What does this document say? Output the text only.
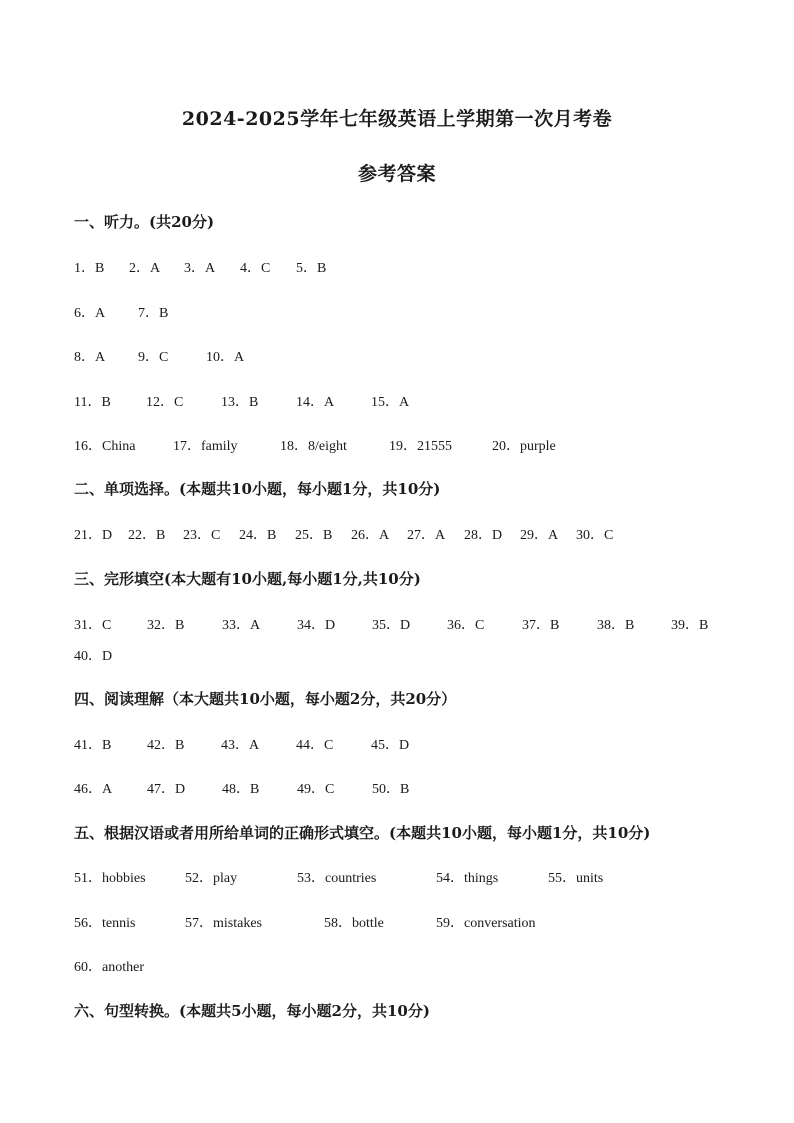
2024-2025学年七年级英语上学期第一次月考卷
参考答案
一、听力。(共20分)
1．B 2．A 3．A 4．C 5．B
6．A 7．B
8．A 9．C	10．A
11．B	12．C	13．B	14．A	15．A
16．China	17．family	18．8/eight	19．21555	20．purple
二、单项选择。(本题共10小题，每小题1分，共10分)
21．D 22．B 23．C 24．B 25．B 26．A 27．A 28．D 29．A 30．C
三、完形填空(本大题有10小题,每小题1分,共10分)
31．C	32．B	33．A	34．D	35．D	36．C	37．B	38．B	39．B
40．D
四、阅读理解（本大题共10小题，每小题2分，共20分）
41．B	42．B	43．A	44．C	45．D
46．A 47．D	48．B	49．C	50．B
五、根据汉语或者用所给单词的正确形式填空。(本题共10小题，每小题1分，共10分)
51．hobbies	52．play	53．countries	54．things	55．units
56．tennis	57．mistakes	58．bottle	59．conversation
60．another
六、句型转换。(本题共5小题，每小题2分，共10分)
